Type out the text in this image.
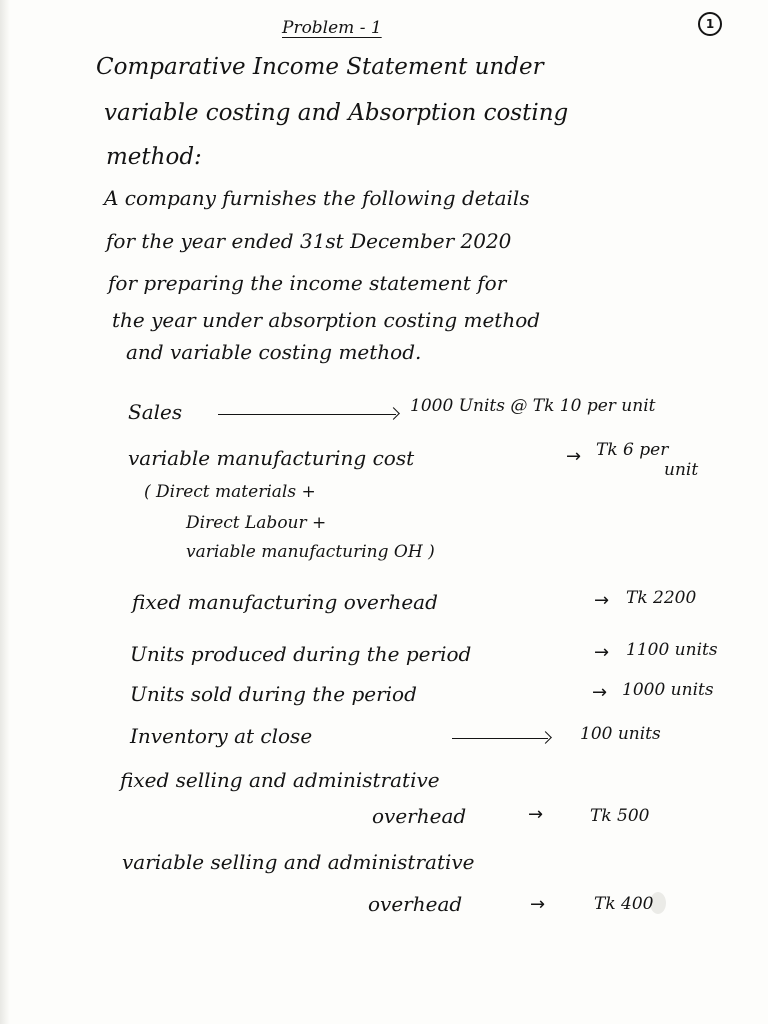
Problem - 1	1
Comparative Income Statement under
variable costing and Absorption costing
method:
A company furnishes the following details
for the year ended 31st December 2020
for preparing the income statement for
the year under absorption costing method
and variable costing method.
Sales	1000 Units @ Tk 10 per unit
variable manufacturing cost	→ Tk 6 per
unit
( Direct materials +
Direct Labour +
variable manufacturing OH )
fixed manufacturing overhead	→ Tk 2200
Units produced during the period	→ 1100 units
Units sold during the period	→ 1000 units
Inventory at close	100 units
fixed selling and administrative
overhead	→	Tk 500
variable selling and administrative
overhead	→	Tk 400
